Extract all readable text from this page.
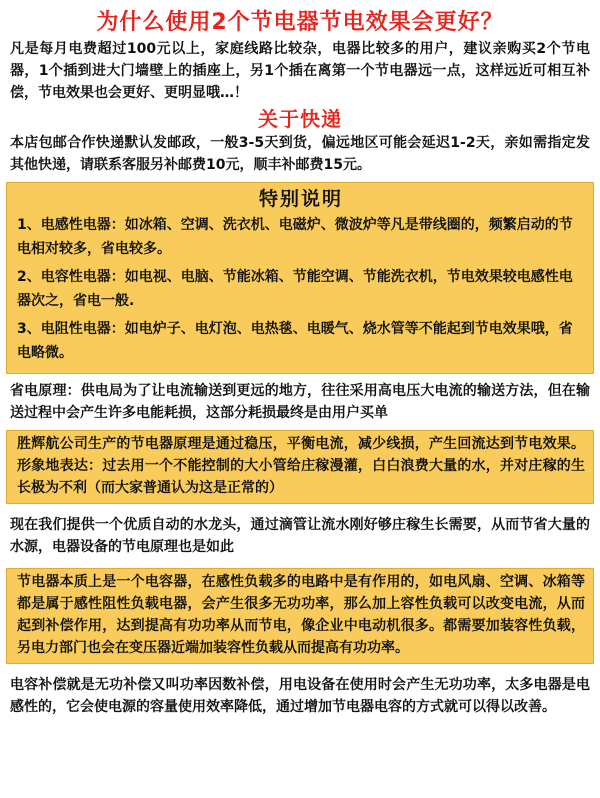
为什么使用2个节电器节电效果会更好？

凡是每月电费超过100元以上，家庭线路比较杂，电器比较多的用户，建议亲购买2个节电器，1个插到进大门墙壁上的插座上，另1个插在离第一个节电器远一点，这样远近可相互补偿，节电效果也会更好、更明显哦…！

关于快递

本店包邮合作快递默认发邮政，一般3-5天到货，偏远地区可能会延迟1-2天，亲如需指定发其他快递，请联系客服另补邮费10元，顺丰补邮费15元。

特别说明

1、电感性电器：如冰箱、空调、洗衣机、电磁炉、微波炉等凡是带线圈的，频繁启动的节电相对较多，省电较多。

2、电容性电器：如电视、电脑、节能冰箱、节能空调、节能洗衣机，节电效果较电感性电器次之，省电一般.

3、电阻性电器：如电炉子、电灯泡、电热毯、电暖气、烧水管等不能起到节电效果哦，省电略微。

省电原理：供电局为了让电流输送到更远的地方，往往采用高电压大电流的输送方法，但在输送过程中会产生许多电能耗损，这部分耗损最终是由用户买单

胜辉航公司生产的节电器原理是通过稳压，平衡电流，减少线损，产生回流达到节电效果。形象地表达：过去用一个不能控制的大小管给庄稼漫灌，白白浪费大量的水，并对庄稼的生长极为不利（而大家普通认为这是正常的）

现在我们提供一个优质自动的水龙头，通过滴管让流水刚好够庄稼生长需要，从而节省大量的水源，电器设备的节电原理也是如此

节电器本质上是一个电容器，在感性负载多的电路中是有作用的，如电风扇、空调、冰箱等都是属于感性阻性负载电器，会产生很多无功功率，那么加上容性负载可以改变电流，从而起到补偿作用，达到提高有功功率从而节电，像企业中电动机很多。都需要加装容性负载，另电力部门也会在变压器近端加装容性负载从而提高有功功率。

电容补偿就是无功补偿又叫功率因数补偿，用电设备在使用时会产生无功功率，太多电器是电感性的，它会使电源的容量使用效率降低，通过增加节电器电容的方式就可以得以改善。
